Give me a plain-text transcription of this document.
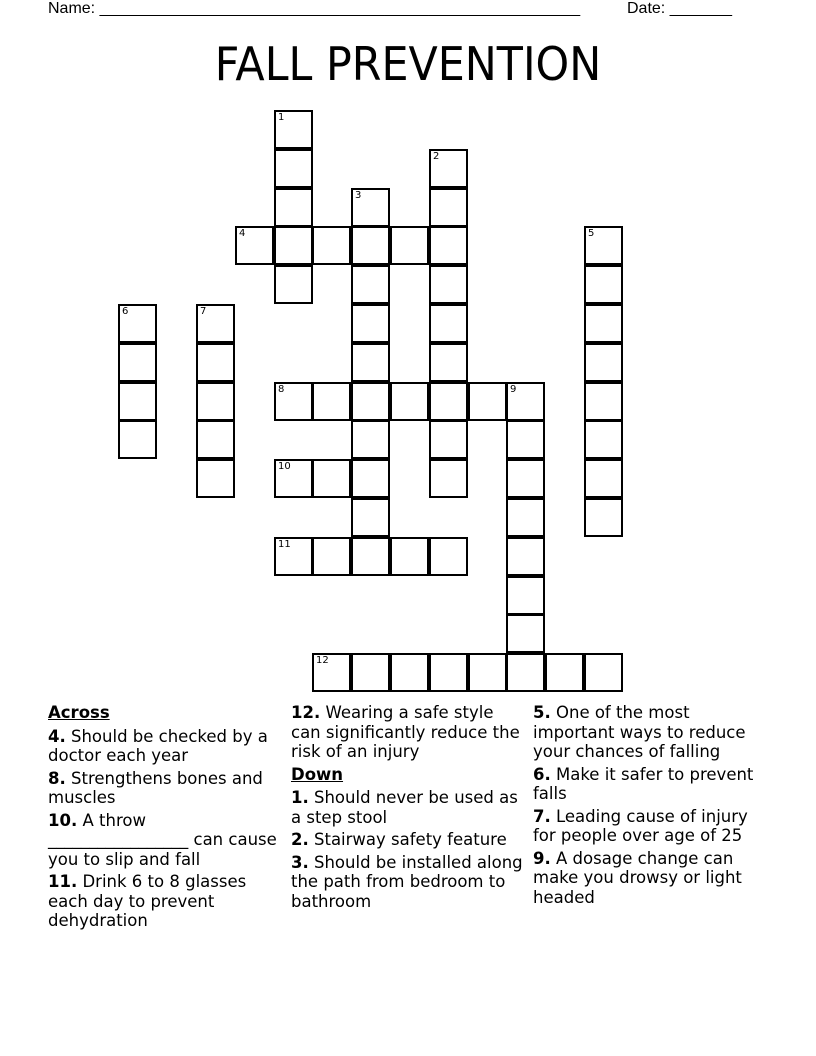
Name: ______________________________________________________	Date: _______
FALL PREVENTION
1
2
3
4	5
6	7
8	9
10
11
12
Across
4. Should be checked by a doctor each year
8. Strengthens bones and muscles
10. A throw _________________ can cause you to slip and fall
11. Drink 6 to 8 glasses each day to prevent dehydration
12. Wearing a safe style can significantly reduce the risk of an injury
Down
1. Should never be used as a step stool
2. Stairway safety feature
3. Should be installed along the path from bedroom to bathroom
5. One of the most important ways to reduce your chances of falling
6. Make it safer to prevent falls
7. Leading cause of injury for people over age of 25
9. A dosage change can make you drowsy or light headed
